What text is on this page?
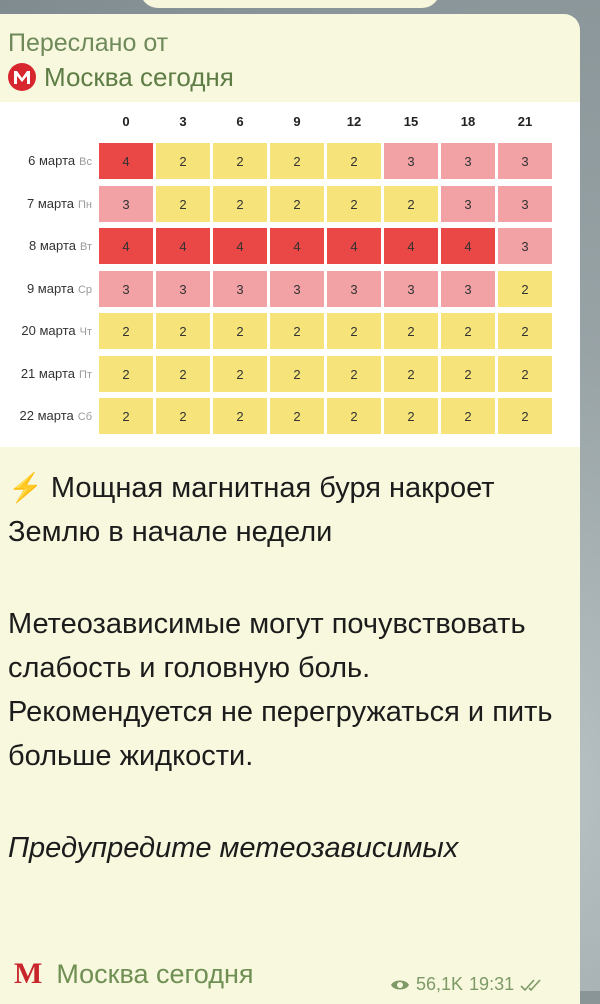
Переслано от
Москва сегодня
0	3	6	9	12	15	18	21
6 марта Вс	4	2	2	2	2	3	3	3
7 марта Пн	3	2	2	2	2	2	3	3
8 марта Вт	4	4	4	4	4	4	4	3
9 марта Ср	3	3	3	3	3	3	3	2
20 марта Чт	2	2	2	2	2	2	2	2
21 марта Пт	2	2	2	2	2	2	2	2
22 марта Сб	2	2	2	2	2	2	2	2

⚡ Мощная магнитная буря накроет Землю в начале недели

Метеозависимые могут почувствовать слабость и головную боль. Рекомендуется не перегружаться и пить больше жидкости.

Предупредите метеозависимых

M Москва сегодня	56,1K 19:31
